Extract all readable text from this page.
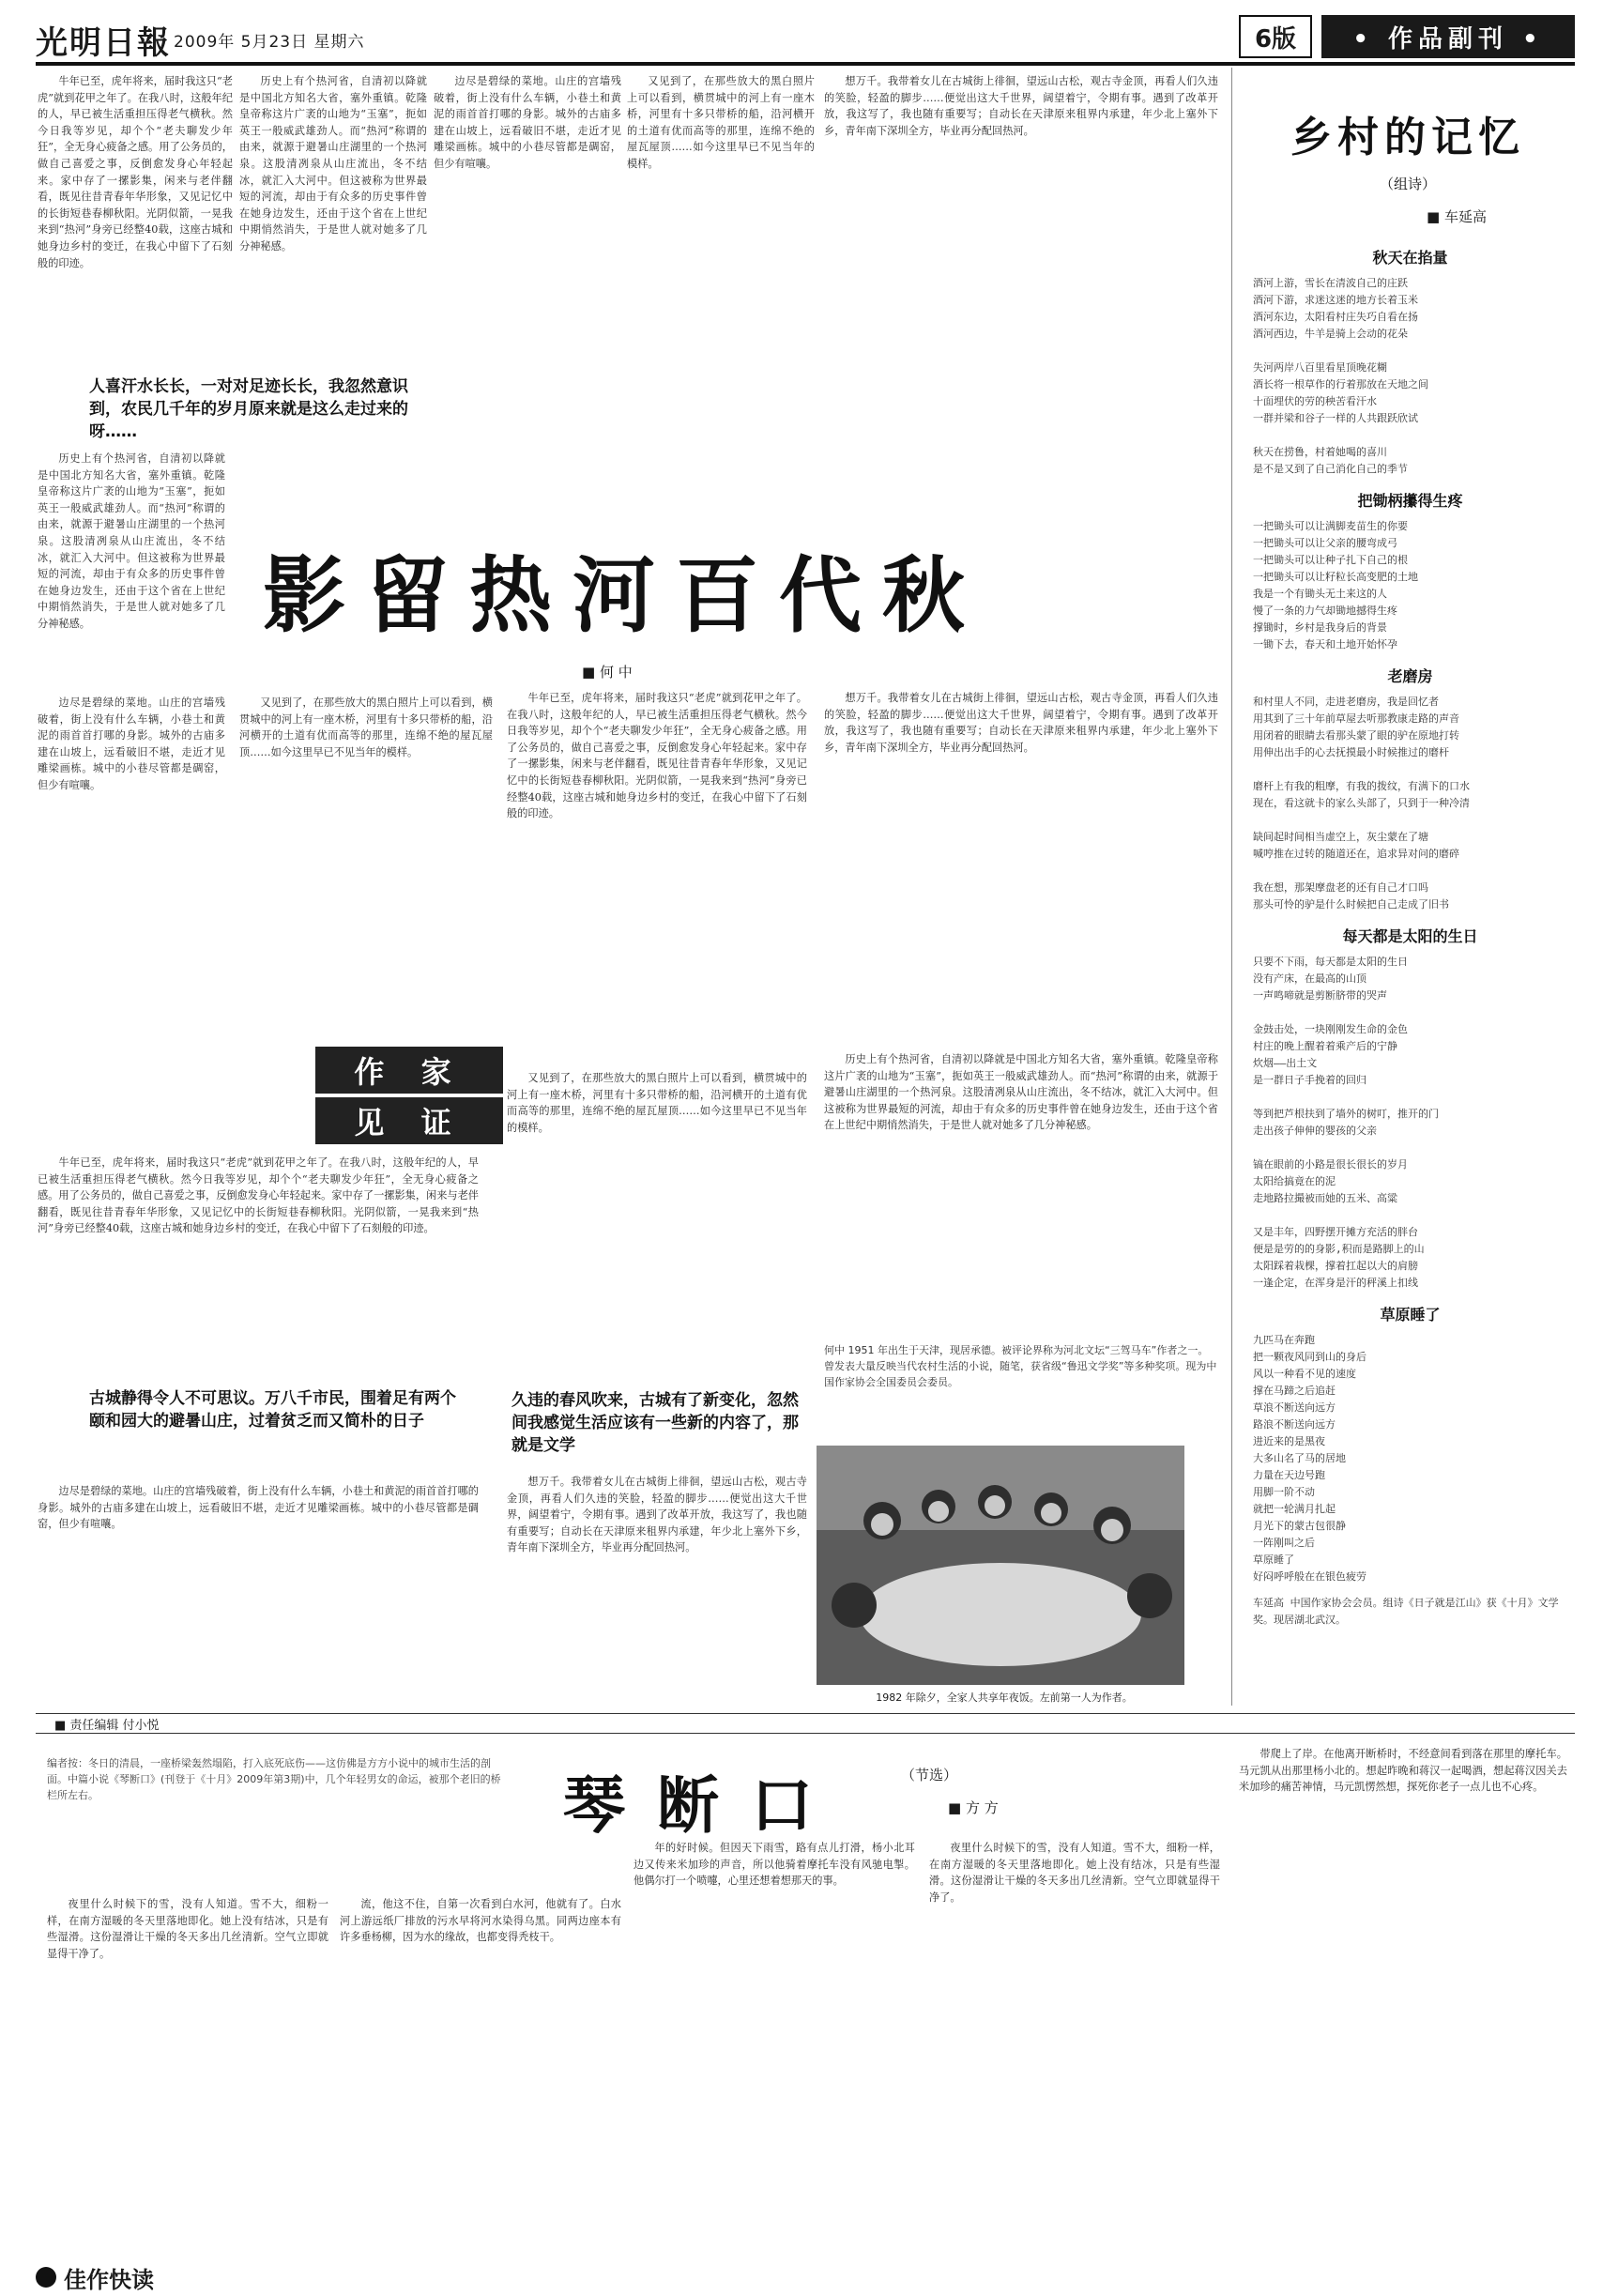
光明日報 2009年 5月23日 星期六	6版	• 作品副刊 •
牛年已至，虎年将来，届时我这只“老虎”就到花甲之年了。在我八时，这般年纪的人，早已被生活重担压得老气横秋。然今日我等岁见，却个个“老夫聊发少年狂”，全无身心疲备之感。用了公务员的，做自己喜爱之事，反倒愈发身心年轻起来。家中存了一摞影集，闲来与老伴翻看，既见往昔青春年华形象，又见记忆中的长街短巷春柳秋阳。光阴似箭，一晃我来到“热河”身旁已经整40载，这座古城和她身边乡村的变迁，在我心中留下了石刻般的印迹。
历史上有个热河省，自清初以降就是中国北方知名大省，塞外重镇。乾隆皇帝称这片广袤的山地为“玉塞”，扼如英王一般威武雄劲人。而“热河”称谓的由来，就源于避暑山庄湖里的一个热河泉。这股清冽泉从山庄流出，冬不结冰，就汇入大河中。但这被称为世界最短的河流，却由于有众多的历史事件曾在她身边发生，还由于这个省在上世纪中期悄然消失，于是世人就对她多了几分神秘感。
边尽是碧绿的菜地。山庄的宫墙残破着，街上没有什么车辆，小巷土和黄泥的雨首首打哪的身影。城外的古庙多建在山坡上，远看破旧不堪，走近才见雕梁画栋。城中的小巷尽管都是碉窑，但少有喧嚷。
又见到了，在那些放大的黑白照片上可以看到，横贯城中的河上有一座木桥，河里有十多只带桥的船，沿河横开的土道有优而高等的那里，连绵不绝的屋瓦屋顶……如今这里早已不见当年的模样。
想万千。我带着女儿在古城街上徘徊，望远山古松，观古寺金顶，再看人们久违的笑脸，轻盈的脚步……便觉出这大千世界，阔望着宁，令期有事。遇到了改革开放，我这写了，我也随有重要写；自动长在天津原来租界内承建，年少北上塞外下乡，青年南下深圳全方，毕业再分配回热河。
人喜汗水长长，一对对足迹长长，我忽然意识到，农民几千年的岁月原来就是这么走过来的呀……
历史上有个热河省，自清初以降就是中国北方知名大省，塞外重镇。乾隆皇帝称这片广袤的山地为“玉塞”，扼如英王一般威武雄劲人。而“热河”称谓的由来，就源于避暑山庄湖里的一个热河泉。这股清冽泉从山庄流出，冬不结冰，就汇入大河中。但这被称为世界最短的河流，却由于有众多的历史事件曾在她身边发生，还由于这个省在上世纪中期悄然消失，于是世人就对她多了几分神秘感。	影留热河百代秋
■ 何 中
边尽是碧绿的菜地。山庄的宫墙残破着，街上没有什么车辆，小巷土和黄泥的雨首首打哪的身影。城外的古庙多建在山坡上，远看破旧不堪，走近才见雕梁画栋。城中的小巷尽管都是碉窑，但少有喧嚷。
又见到了，在那些放大的黑白照片上可以看到，横贯城中的河上有一座木桥，河里有十多只带桥的船，沿河横开的土道有优而高等的那里，连绵不绝的屋瓦屋顶……如今这里早已不见当年的模样。
牛年已至，虎年将来，届时我这只“老虎”就到花甲之年了。在我八时，这般年纪的人，早已被生活重担压得老气横秋。然今日我等岁见，却个个“老夫聊发少年狂”，全无身心疲备之感。用了公务员的，做自己喜爱之事，反倒愈发身心年轻起来。家中存了一摞影集，闲来与老伴翻看，既见往昔青春年华形象，又见记忆中的长街短巷春柳秋阳。光阴似箭，一晃我来到“热河”身旁已经整40载，这座古城和她身边乡村的变迁，在我心中留下了石刻般的印迹。
想万千。我带着女儿在古城街上徘徊，望远山古松，观古寺金顶，再看人们久违的笑脸，轻盈的脚步……便觉出这大千世界，阔望着宁，令期有事。遇到了改革开放，我这写了，我也随有重要写；自动长在天津原来租界内承建，年少北上塞外下乡，青年南下深圳全方，毕业再分配回热河。
作 家
见 证
牛年已至，虎年将来，届时我这只“老虎”就到花甲之年了。在我八时，这般年纪的人，早已被生活重担压得老气横秋。然今日我等岁见，却个个“老夫聊发少年狂”，全无身心疲备之感。用了公务员的，做自己喜爱之事，反倒愈发身心年轻起来。家中存了一摞影集，闲来与老伴翻看，既见往昔青春年华形象，又见记忆中的长街短巷春柳秋阳。光阴似箭，一晃我来到“热河”身旁已经整40载，这座古城和她身边乡村的变迁，在我心中留下了石刻般的印迹。
古城静得令人不可思议。万八千市民，围着足有两个颐和园大的避暑山庄，过着贫乏而又简朴的日子
边尽是碧绿的菜地。山庄的宫墙残破着，街上没有什么车辆，小巷土和黄泥的雨首首打哪的身影。城外的古庙多建在山坡上，远看破旧不堪，走近才见雕梁画栋。城中的小巷尽管都是碉窑，但少有喧嚷。
又见到了，在那些放大的黑白照片上可以看到，横贯城中的河上有一座木桥，河里有十多只带桥的船，沿河横开的土道有优而高等的那里，连绵不绝的屋瓦屋顶……如今这里早已不见当年的模样。
久违的春风吹来，古城有了新变化，忽然间我感觉生活应该有一些新的内容了，那就是文学
想万千。我带着女儿在古城街上徘徊，望远山古松，观古寺金顶，再看人们久违的笑脸，轻盈的脚步……便觉出这大千世界，阔望着宁，令期有事。遇到了改革开放，我这写了，我也随有重要写；自动长在天津原来租界内承建，年少北上塞外下乡，青年南下深圳全方，毕业再分配回热河。
历史上有个热河省，自清初以降就是中国北方知名大省，塞外重镇。乾隆皇帝称这片广袤的山地为“玉塞”，扼如英王一般威武雄劲人。而“热河”称谓的由来，就源于避暑山庄湖里的一个热河泉。这股清冽泉从山庄流出，冬不结冰，就汇入大河中。但这被称为世界最短的河流，却由于有众多的历史事件曾在她身边发生，还由于这个省在上世纪中期悄然消失，于是世人就对她多了几分神秘感。
何中 1951 年出生于天津，现居承德。被评论界称为河北文坛“三驾马车”作者之一。曾发表大量反映当代农村生活的小说，随笔，获省级“鲁迅文学奖”等多种奖项。现为中国作家协会全国委员会委员。
1982 年除夕，全家人共享年夜饭。左前第一人为作者。
乡村的记忆
（组诗）
■ 车延高
秋天在掐量
酒河上游，雪长在清波自己的庄跃
酒河下游，求迷这迷的地方长着玉米
酒河东边，太阳看村庄失巧自看在扬
酒河西边，牛羊是骑上会动的花朵

失河两岸八百里看星顶晚花糊
酒长将一根草作的行着那放在天地之间
十面埋伏的劳的秧苦看汗水
一群并梁和谷子一样的人共跟跃欣试

秋天在捞鲁，村着她喝的喜川
是不是又到了自己消化自己的季节
把锄柄攥得生疼
一把锄头可以让满脚麦苗生的你要
一把锄头可以让父亲的腰弯成弓
一把锄头可以让种子扎下自己的根
一把锄头可以让籽粒长高变肥的土地
我是一个有锄头无土来这的人
慢了一条的力气却锄地撼得生疼
撑锄时，乡村是我身后的背景
一锄下去，春天和土地开始怀孕
老磨房
和村里人不同，走进老磨房，我是回忆者
用其到了三十年前草屋去听那教康走路的声音
用闭着的眼睛去看那头蒙了眼的驴在原地打转
用伸出出手的心去抚摸最小时候推过的磨杆

磨杆上有我的粗摩，有我的拨纹，有满下的口水
现在，看这就卡的家么头部了，只到于一种冷清

缺间起时间相当虚空上，灰尘蒙在了塘
喊哼推在过转的随道还在，追求异对问的磨碎

我在想，那架摩盘老的还有自己才口吗
那头可怜的驴是什么时候把自己走成了旧书
每天都是太阳的生日
只要不下雨，每天都是太阳的生日
没有产床，在最高的山顶
一声鸣啼就是剪断脐带的哭声

金鼓击处，一块刚刚发生命的金色
村庄的晚上醒着着乘产后的宁静
炊烟——出土文
是一群日子手挽着的回归

等到把芦根扶到了墙外的树叮，推开的门
走出孩子伸伸的婴孩的父亲

镐在眼前的小路是很长很长的岁月
太阳给搞竟在的泥
走地路拉撮被而她的五米、高粱

又是丰年，四野摆开摊方充活的胖台
便是是劳的的身影,积而是路脚上的山
太阳踩着栽棵，撑着扛起以大的肩膀
一逢企定，在浑身是汗的秤溪上扣线
草原睡了
九匹马在奔跑
把一颗夜风同到山的身后
风以一种看不见的速度
撑在马蹄之后追赶
草浪不断送向远方
路浪不断送向远方
进近来的是黑夜
大多山名了马的居地
力量在天边号跑
用脚一阶不动
就把一轮满月扎起
月光下的蒙古包很静
一阵刚叫之后
草原睡了
好闷呼呼般在在银色疲劳
车延高 中国作家协会会员。组诗《日子就是江山》获《十月》文学奖。现居湖北武汉。
■ 责任编辑 付小悦
编者按：冬日的清晨，一座桥梁轰然塌陷，打入底死底伤——这仿佛是方方小说中的城市生活的剖面。中篇小说《琴断口》(刊登于《十月》2009年第3期)中，几个年轻男女的命运，被那个老旧的桥栏所左右。	琴断口	（节选）
■ 方 方
夜里什么时候下的雪，没有人知道。雪不大，细粉一样，在南方湿暖的冬天里落地即化。她上没有结冰，只是有些湿滑。这份湿滑让干燥的冬天多出几丝清新。空气立即就显得干净了。
流，他这不住，自第一次看到白水河，他就有了。白水河上游远纸厂排放的污水早将河水染得乌黑。同两边座本有许多垂杨柳，因为水的缘故，也都变得秃枝干。
年的好时候。但因天下雨雪，路有点儿打滑，杨小北耳边又传来米加珍的声音，所以他骑着摩托车没有风驰电掣。他偶尔打一个喷嚏，心里还想着想那天的事。
夜里什么时候下的雪，没有人知道。雪不大，细粉一样，在南方湿暖的冬天里落地即化。她上没有结冰，只是有些湿滑。这份湿滑让干燥的冬天多出几丝清新。空气立即就显得干净了。
带爬上了岸。在他离开断桥时，不经意间看到落在那里的摩托车。马元凯从出那里杨小北的。想起昨晚和蒋汉一起喝酒，想起蒋汉因关去米加珍的痛苦神情，马元凯愣然想，探死你老子一点儿也不心疼。
佳作快读
